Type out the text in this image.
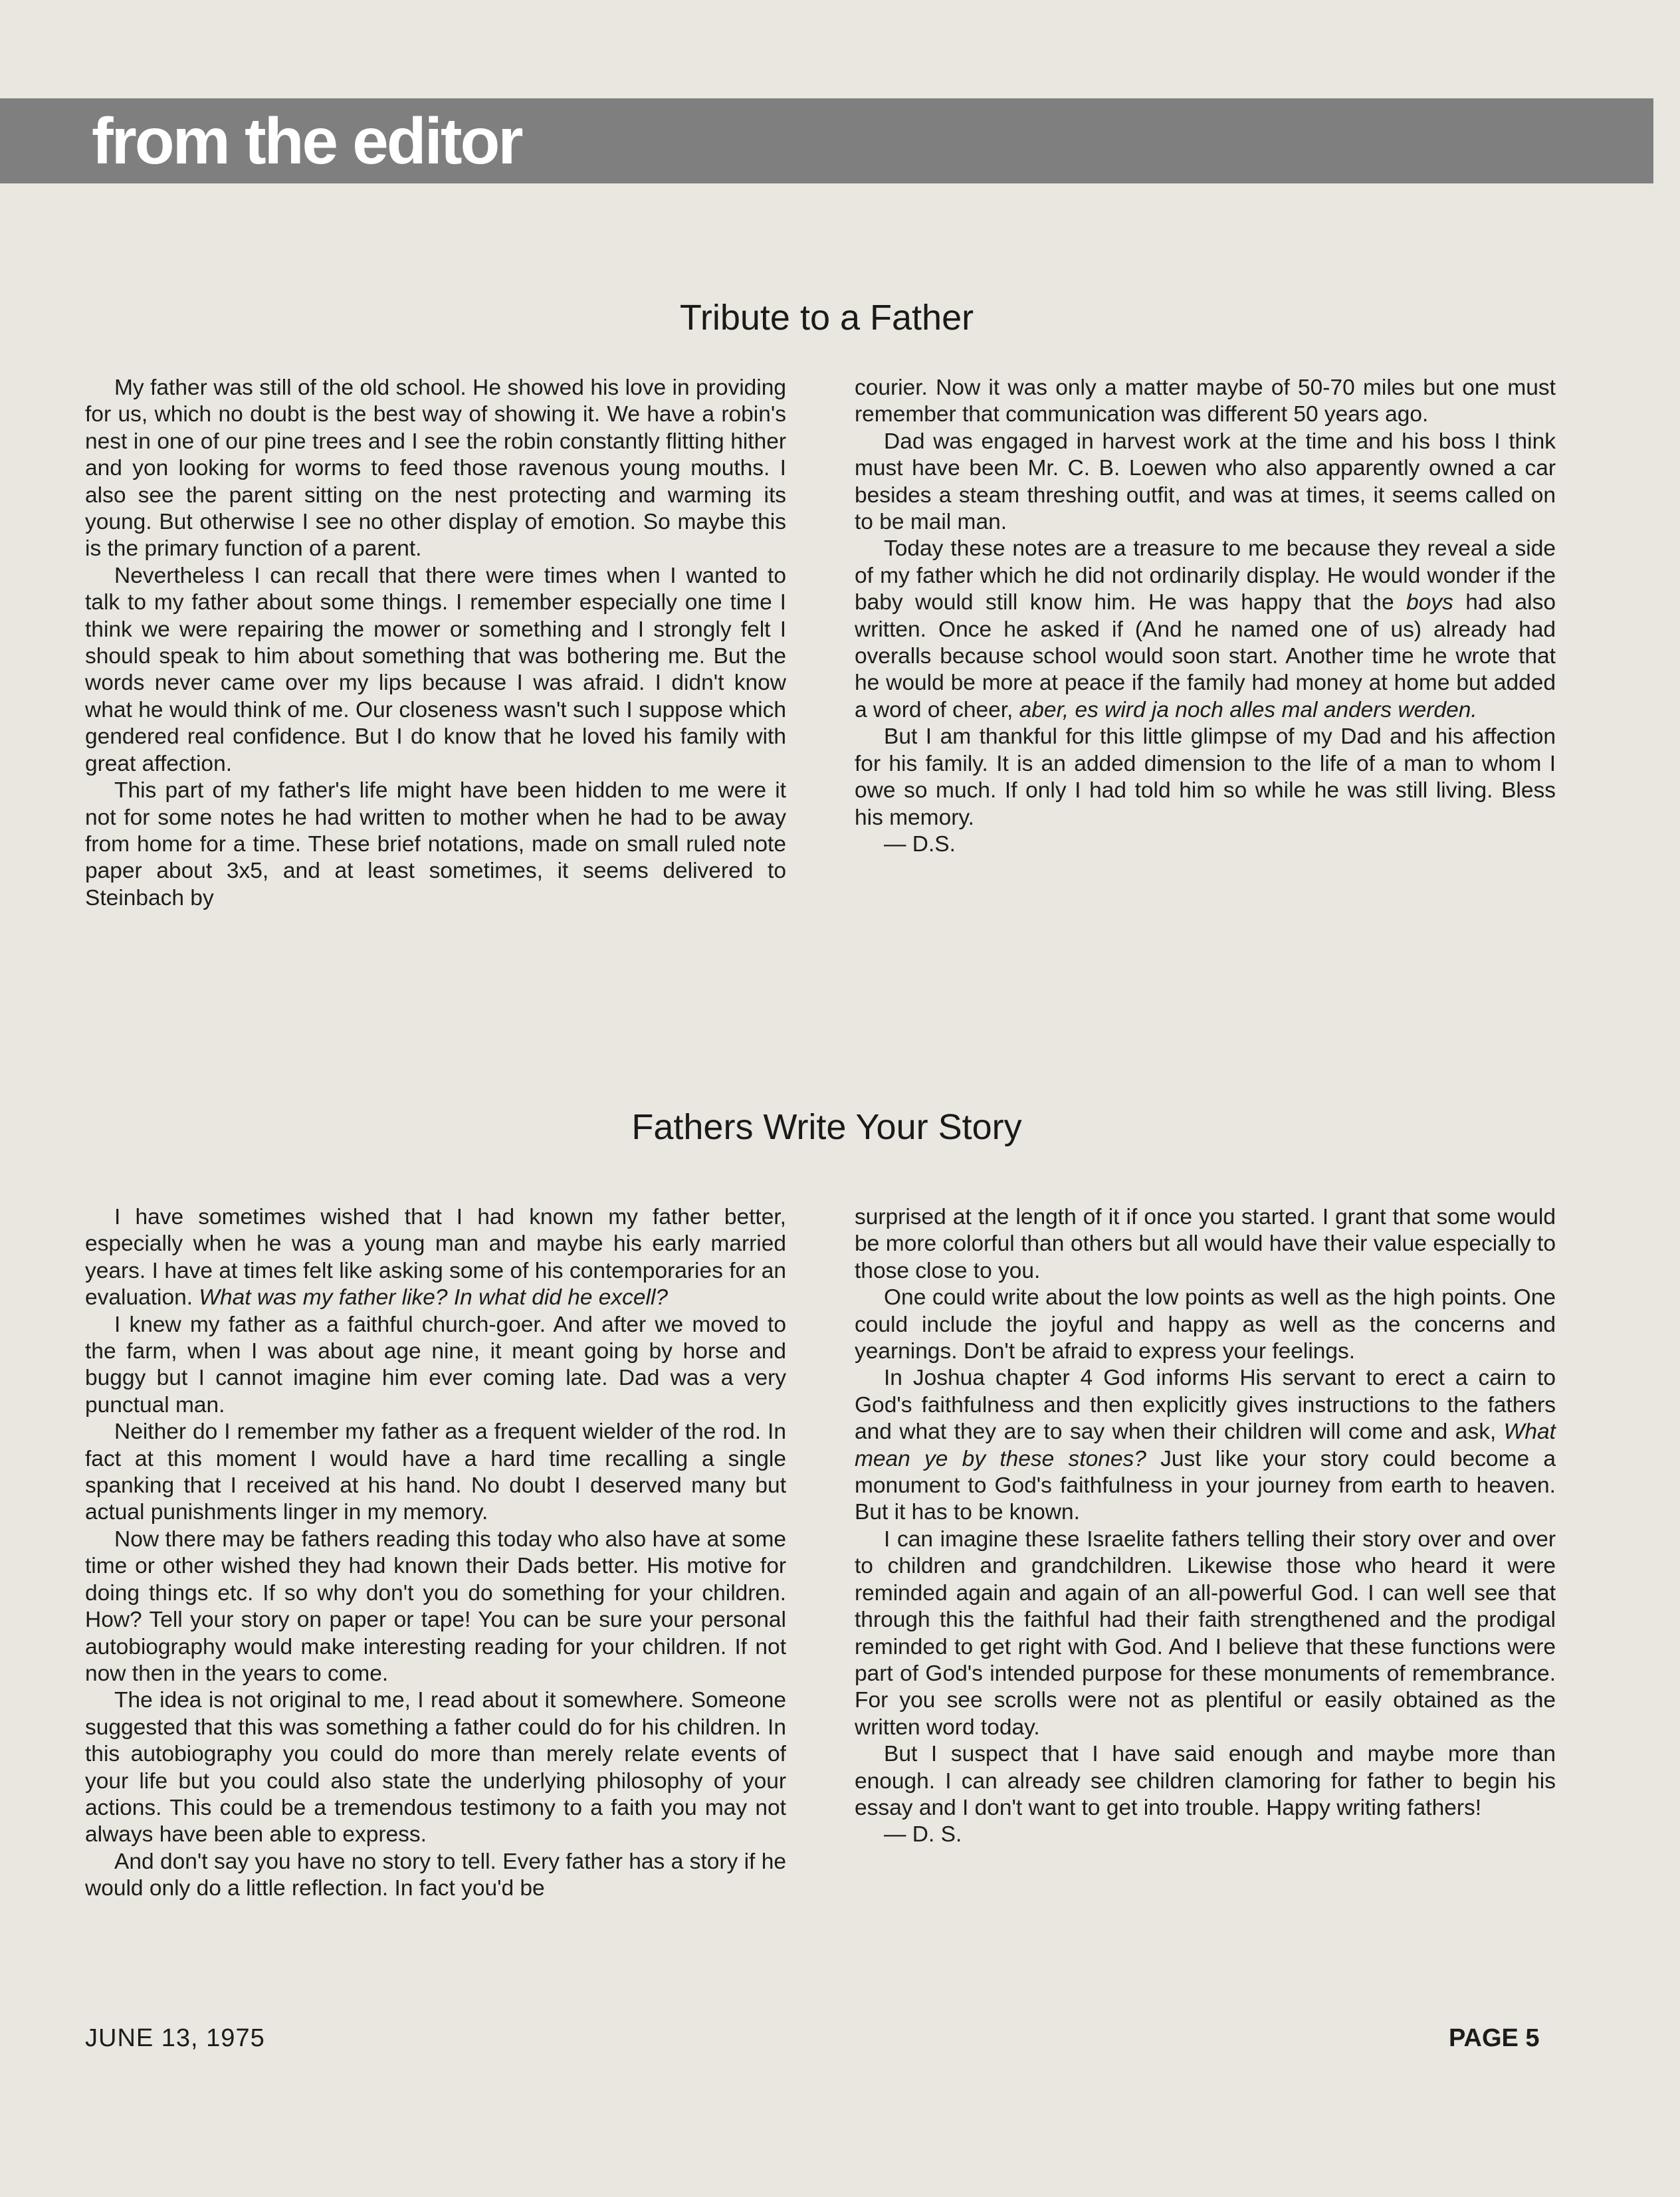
from the editor
Tribute to a Father

My father was still of the old school. He showed his love in providing for us, which no doubt is the best way of showing it. We have a robin's nest in one of our pine trees and I see the robin constantly flitting hither and yon looking for worms to feed those ravenous young mouths. I also see the parent sitting on the nest protecting and warming its young. But otherwise I see no other display of emotion. So maybe this is the primary function of a parent.

Nevertheless I can recall that there were times when I wanted to talk to my father about some things. I remember especially one time I think we were repairing the mower or something and I strongly felt I should speak to him about something that was bothering me. But the words never came over my lips because I was afraid. I didn't know what he would think of me. Our closeness wasn't such I suppose which gendered real confidence. But I do know that he loved his family with great affection.

This part of my father's life might have been hidden to me were it not for some notes he had written to mother when he had to be away from home for a time. These brief notations, made on small ruled note paper about 3x5, and at least sometimes, it seems delivered to Steinbach by

courier. Now it was only a matter maybe of 50-70 miles but one must remember that communication was different 50 years ago.

Dad was engaged in harvest work at the time and his boss I think must have been Mr. C. B. Loewen who also apparently owned a car besides a steam threshing outfit, and was at times, it seems called on to be mail man.

Today these notes are a treasure to me because they reveal a side of my father which he did not ordinarily display. He would wonder if the baby would still know him. He was happy that the boys had also written. Once he asked if (And he named one of us) already had overalls because school would soon start. Another time he wrote that he would be more at peace if the family had money at home but added a word of cheer, aber, es wird ja noch alles mal anders werden.

But I am thankful for this little glimpse of my Dad and his affection for his family. It is an added dimension to the life of a man to whom I owe so much. If only I had told him so while he was still living. Bless his memory.

— D.S.

Fathers Write Your Story

I have sometimes wished that I had known my father better, especially when he was a young man and maybe his early married years. I have at times felt like asking some of his contemporaries for an evaluation. What was my father like? In what did he excell?

I knew my father as a faithful church-goer. And after we moved to the farm, when I was about age nine, it meant going by horse and buggy but I cannot imagine him ever coming late. Dad was a very punctual man.

Neither do I remember my father as a frequent wielder of the rod. In fact at this moment I would have a hard time recalling a single spanking that I received at his hand. No doubt I deserved many but actual punishments linger in my memory.

Now there may be fathers reading this today who also have at some time or other wished they had known their Dads better. His motive for doing things etc. If so why don't you do something for your children. How? Tell your story on paper or tape! You can be sure your personal autobiography would make interesting reading for your children. If not now then in the years to come.

The idea is not original to me, I read about it somewhere. Someone suggested that this was something a father could do for his children. In this autobiography you could do more than merely relate events of your life but you could also state the underlying philosophy of your actions. This could be a tremendous testimony to a faith you may not always have been able to express.

And don't say you have no story to tell. Every father has a story if he would only do a little reflection. In fact you'd be

surprised at the length of it if once you started. I grant that some would be more colorful than others but all would have their value especially to those close to you.

One could write about the low points as well as the high points. One could include the joyful and happy as well as the concerns and yearnings. Don't be afraid to express your feelings.

In Joshua chapter 4 God informs His servant to erect a cairn to God's faithfulness and then explicitly gives instructions to the fathers and what they are to say when their children will come and ask, What mean ye by these stones? Just like your story could become a monument to God's faithfulness in your journey from earth to heaven. But it has to be known.

I can imagine these Israelite fathers telling their story over and over to children and grandchildren. Likewise those who heard it were reminded again and again of an all-powerful God. I can well see that through this the faithful had their faith strengthened and the prodigal reminded to get right with God. And I believe that these functions were part of God's intended purpose for these monuments of remembrance. For you see scrolls were not as plentiful or easily obtained as the written word today.

But I suspect that I have said enough and maybe more than enough. I can already see children clamoring for father to begin his essay and I don't want to get into trouble. Happy writing fathers!

— D. S.

JUNE 13, 1975	PAGE 5
